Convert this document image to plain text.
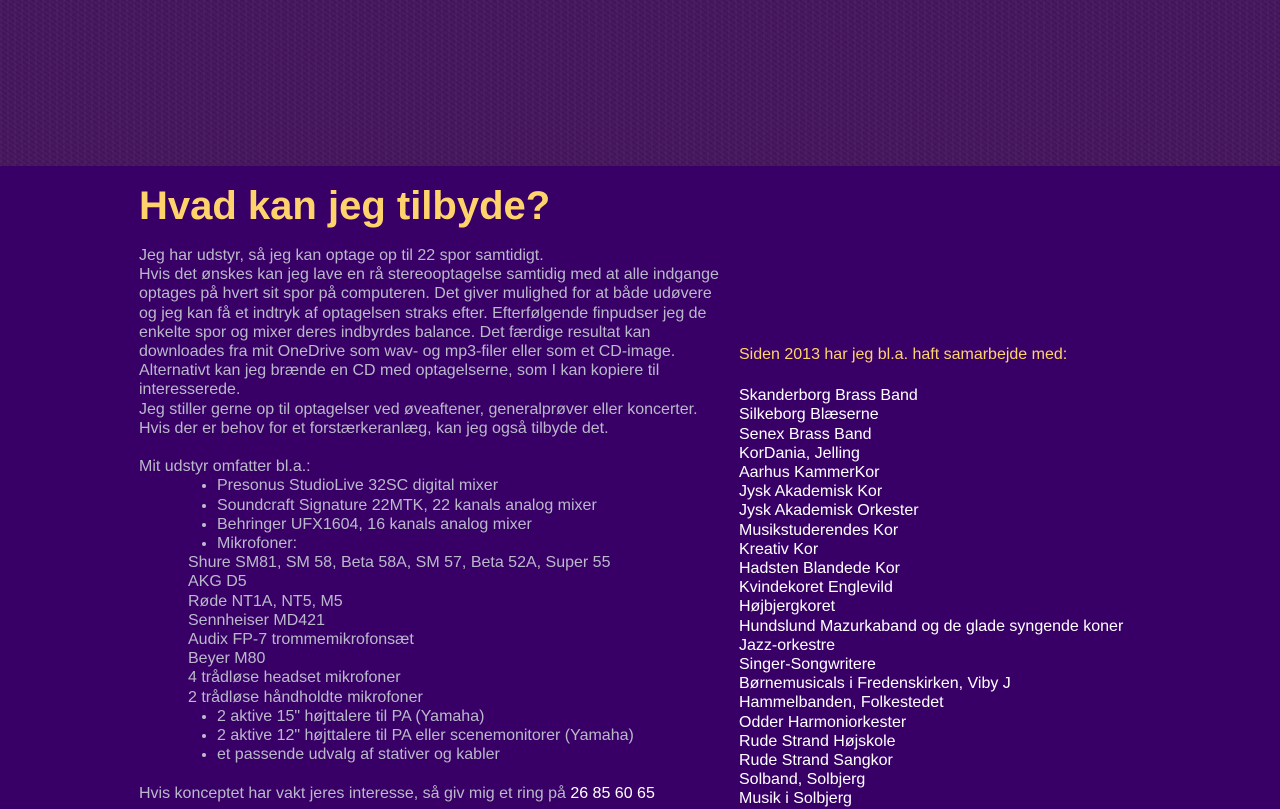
Hvad kan jeg tilbyde?

Jeg har udstyr, så jeg kan optage op til 22 spor samtidigt.

Hvis det ønskes kan jeg lave en rå stereooptagelse samtidig med at alle indgange optages på hvert sit spor på computeren. Det giver mulighed for at både udøvere og jeg kan få et indtryk af optagelsen straks efter. Efterfølgende finpudser jeg de enkelte spor og mixer deres indbyrdes balance. Det færdige resultat kan downloades fra mit OneDrive som wav- og mp3-filer eller som et CD-image.

Alternativt kan jeg brænde en CD med optagelserne, som I kan kopiere til interesserede.

Jeg stiller gerne op til optagelser ved øveaftener, generalprøver eller koncerter.

Hvis der er behov for et forstærkeranlæg, kan jeg også tilbyde det.

Mit udstyr omfatter bl.a.:

• Presonus StudioLive 32SC digital mixer
• Soundcraft Signature 22MTK, 22 kanals analog mixer
• Behringer UFX1604, 16 kanals analog mixer
• Mikrofoner:
Shure SM81, SM 58, Beta 58A, SM 57, Beta 52A, Super 55
AKG D5
Røde NT1A, NT5, M5
Sennheiser MD421
Audix FP-7 trommemikrofonsæt
Beyer M80
4 trådløse headset mikrofoner
2 trådløse håndholdte mikrofoner
• 2 aktive 15" højttalere til PA (Yamaha)
• 2 aktive 12" højttalere til PA eller scenemonitorer (Yamaha)
• et passende udvalg af stativer og kabler

Hvis konceptet har vakt jeres interesse, så giv mig et ring på 26 85 60 65

Siden 2013 har jeg bl.a. haft samarbejde med:

Skanderborg Brass Band
Silkeborg Blæserne
Senex Brass Band
KorDania, Jelling
Aarhus KammerKor
Jysk Akademisk Kor
Jysk Akademisk Orkester
Musikstuderendes Kor
Kreativ Kor
Hadsten Blandede Kor
Kvindekoret Englevild
Højbjergkoret
Hundslund Mazurkaband og de glade syngende koner
Jazz-orkestre
Singer-Songwritere
Børnemusicals i Fredenskirken, Viby J
Hammelbanden, Folkestedet
Odder Harmoniorkester
Rude Strand Højskole
Rude Strand Sangkor
Solband, Solbjerg
Musik i Solbjerg
